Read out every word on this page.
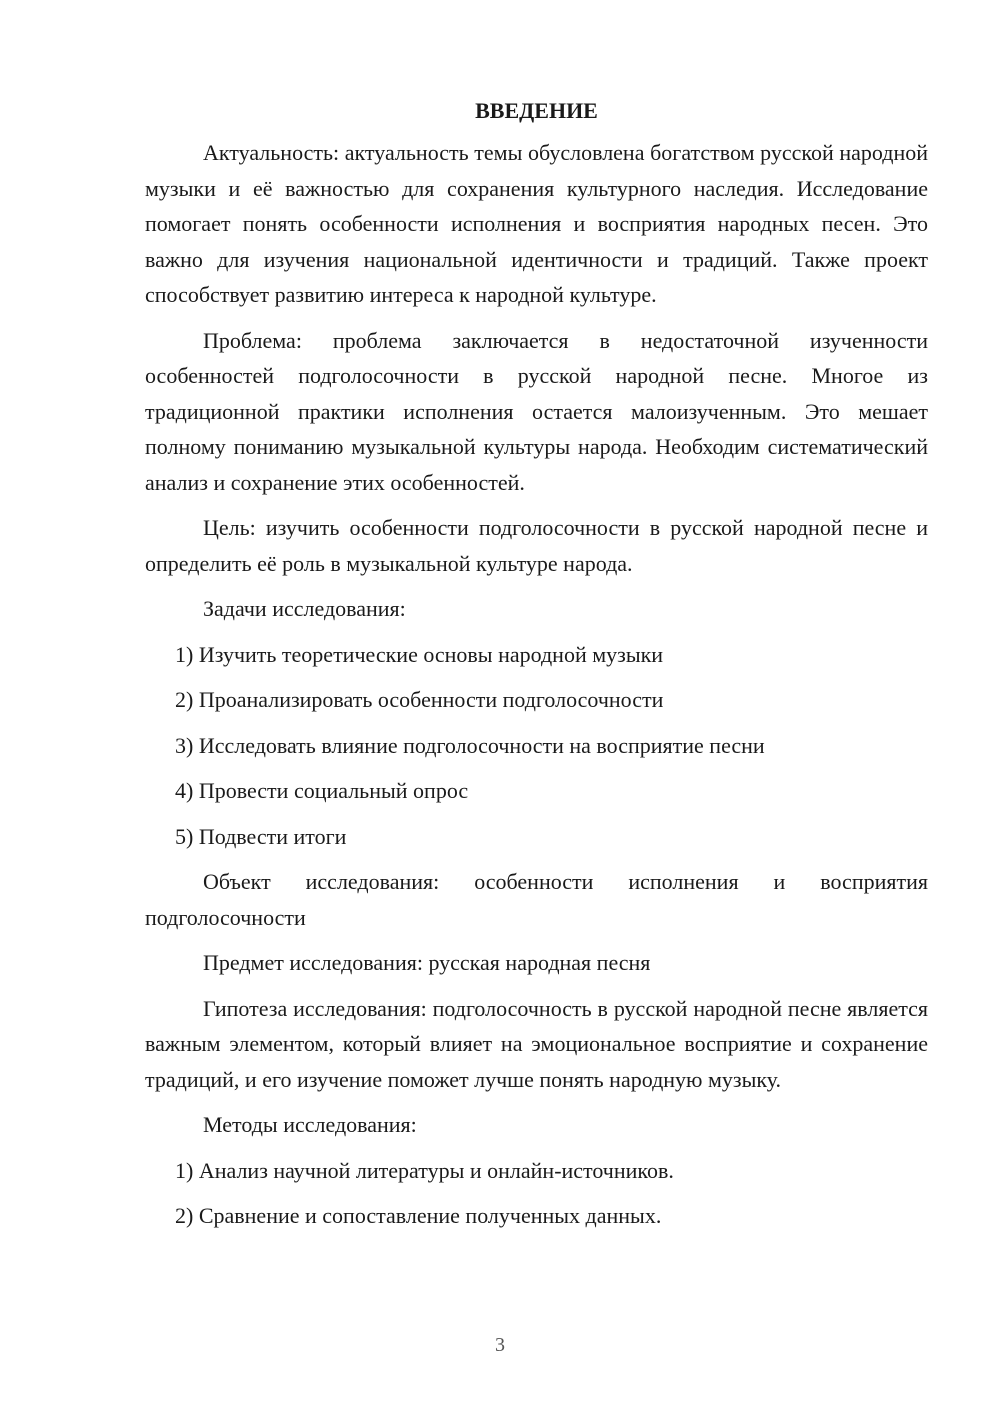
ВВЕДЕНИЕ

Актуальность: актуальность темы обусловлена богатством русской народной музыки и её важностью для сохранения культурного наследия. Исследование помогает понять особенности исполнения и восприятия народных песен. Это важно для изучения национальной идентичности и традиций. Также проект способствует развитию интереса к народной культуре.

Проблема: проблема заключается в недостаточной изученности особенностей подголосочности в русской народной песне. Многое из традиционной практики исполнения остается малоизученным. Это мешает полному пониманию музыкальной культуры народа. Необходим систематический анализ и сохранение этих особенностей.

Цель: изучить особенности подголосочности в русской народной песне и определить её роль в музыкальной культуре народа.

Задачи исследования:

1) Изучить теоретические основы народной музыки
2) Проанализировать особенности подголосочности
3) Исследовать влияние подголосочности на восприятие песни
4) Провести социальный опрос
5) Подвести итоги

Объект исследования: особенности исполнения и восприятия подголосочности

Предмет исследования: русская народная песня

Гипотеза исследования: подголосочность в русской народной песне является важным элементом, который влияет на эмоциональное восприятие и сохранение традиций, и его изучение поможет лучше понять народную музыку.

Методы исследования:

1) Анализ научной литературы и онлайн-источников.
2) Сравнение и сопоставление полученных данных.
3
